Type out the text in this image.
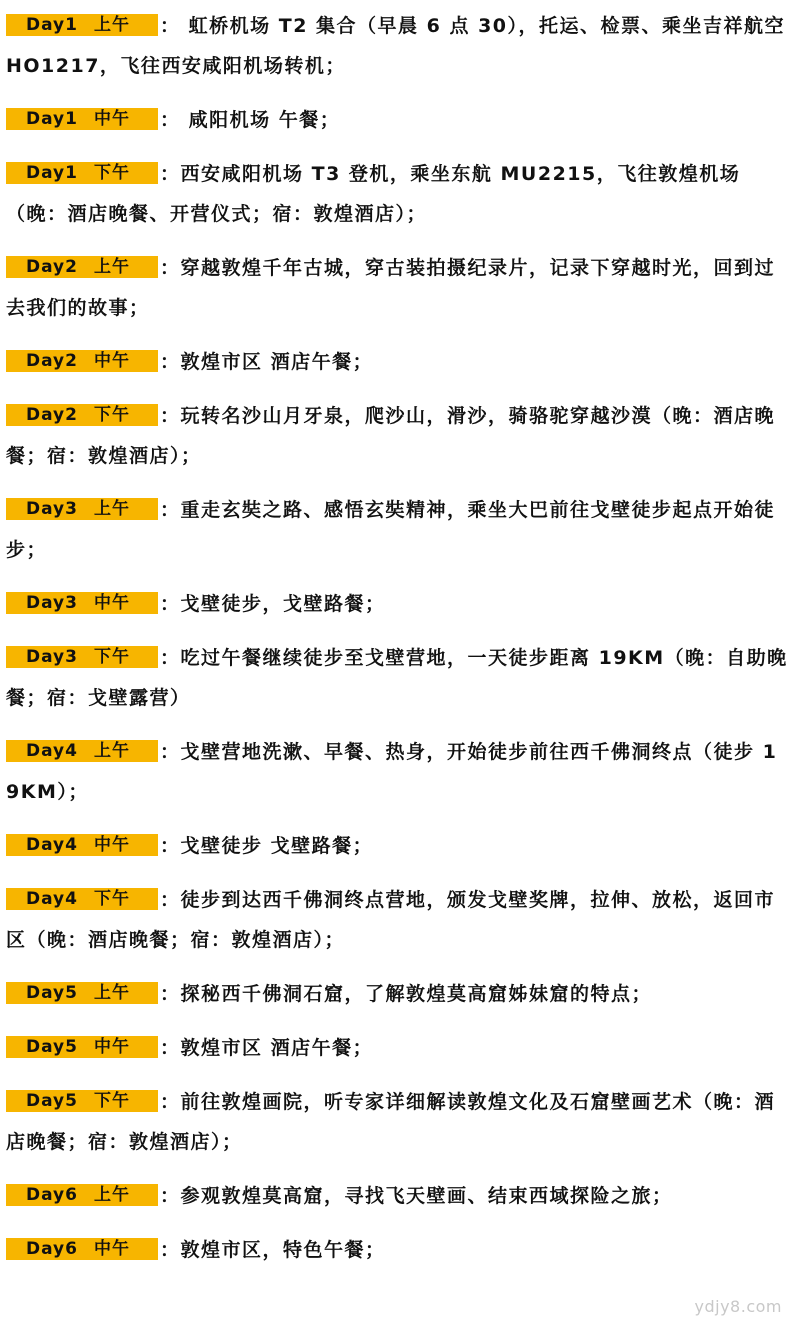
Day1 上午 ： 虹桥机场 T2 集合（早晨 6 点 30），托运、检票、乘坐吉祥航空 HO1217，飞往西安咸阳机场转机；
Day1 中午 ： 咸阳机场 午餐；
Day1 下午 ：西安咸阳机场 T3 登机，乘坐东航 MU2215，飞往敦煌机场（晚：酒店晚餐、开营仪式；宿：敦煌酒店）；
Day2 上午 ：穿越敦煌千年古城，穿古装拍摄纪录片，记录下穿越时光，回到过去我们的故事；
Day2 中午 ：敦煌市区 酒店午餐；
Day2 下午 ：玩转名沙山月牙泉，爬沙山，滑沙，骑骆驼穿越沙漠（晚：酒店晚餐；宿：敦煌酒店）；
Day3 上午 ：重走玄奘之路、感悟玄奘精神，乘坐大巴前往戈壁徒步起点开始徒步；
Day3 中午 ：戈壁徒步，戈壁路餐；
Day3 下午 ：吃过午餐继续徒步至戈壁营地，一天徒步距离 19KM（晚：自助晚餐；宿：戈壁露营）
Day4 上午 ：戈壁营地洗漱、早餐、热身，开始徒步前往西千佛洞终点（徒步 19KM）；
Day4 中午 ：戈壁徒步 戈壁路餐；
Day4 下午 ：徒步到达西千佛洞终点营地，颁发戈壁奖牌，拉伸、放松，返回市区（晚：酒店晚餐；宿：敦煌酒店）；
Day5 上午 ：探秘西千佛洞石窟，了解敦煌莫高窟姊妹窟的特点；
Day5 中午 ：敦煌市区 酒店午餐；
Day5 下午 ：前往敦煌画院，听专家详细解读敦煌文化及石窟壁画艺术（晚：酒店晚餐；宿：敦煌酒店）；
Day6 上午 ：参观敦煌莫高窟，寻找飞天壁画、结束西域探险之旅；
Day6 中午 ：敦煌市区，特色午餐；
ydjy8.com
